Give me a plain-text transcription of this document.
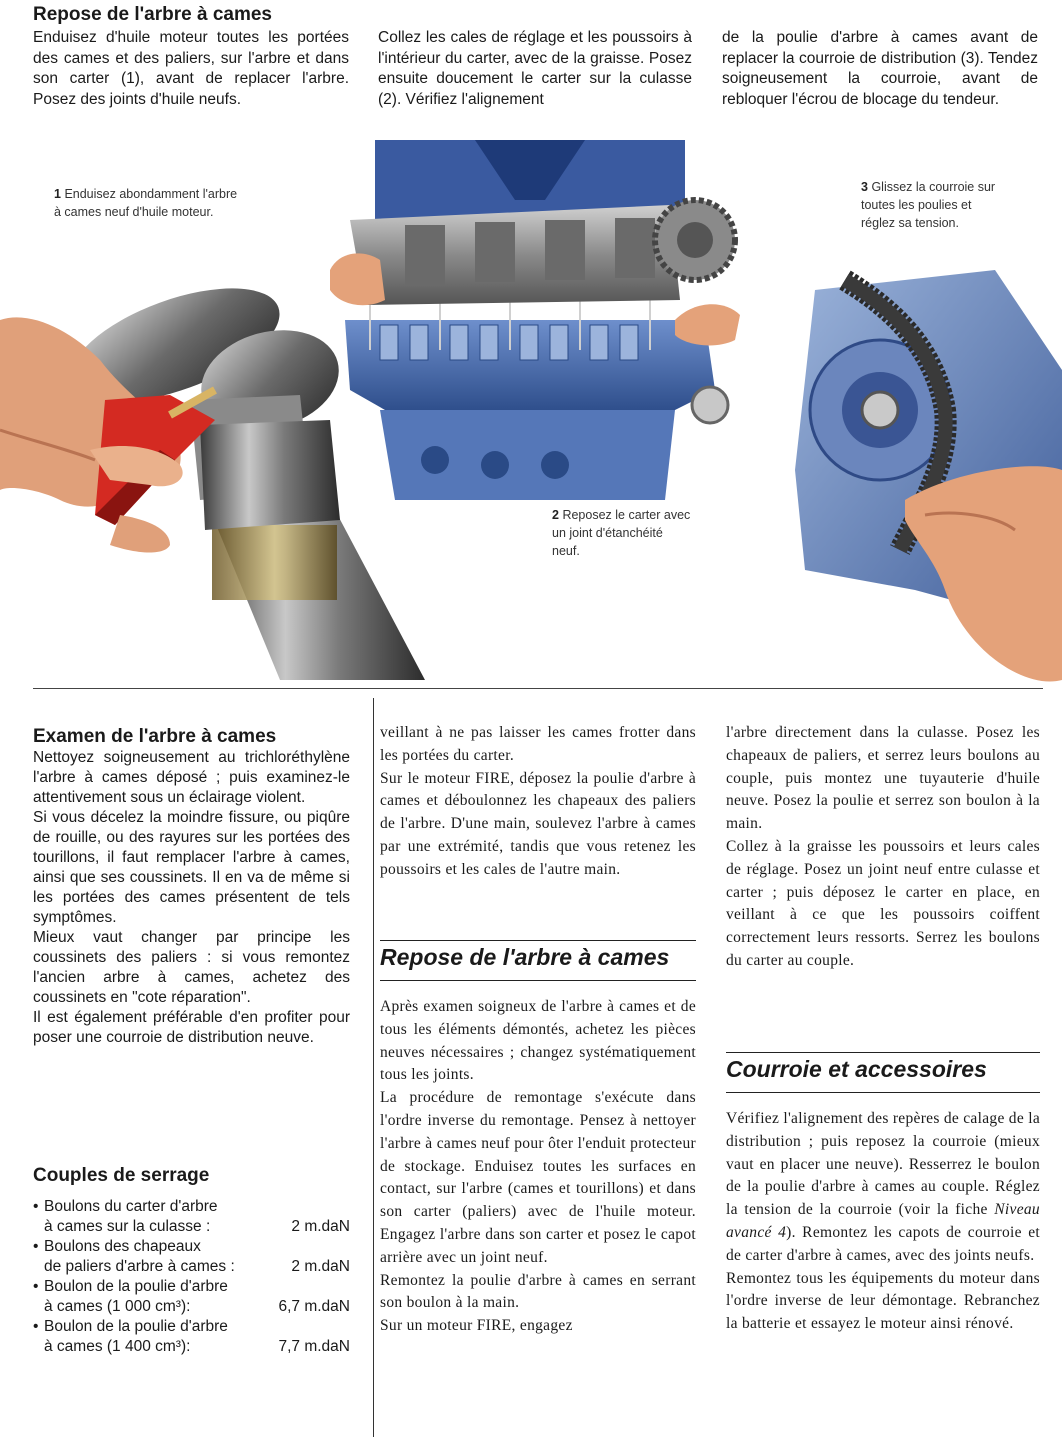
Repose de l'arbre à cames

Enduisez d'huile moteur toutes les portées des cames et des paliers, sur l'arbre et dans son carter (1), avant de replacer l'arbre. Posez des joints d'huile neufs.

Collez les cales de réglage et les poussoirs à l'intérieur du carter, avec de la graisse. Posez ensuite doucement le carter sur la culasse (2). Vérifiez l'alignement

de la poulie d'arbre à cames avant de replacer la courroie de distribution (3). Tendez soigneusement la courroie, avant de rebloquer l'écrou de blocage du tendeur.

1 Enduisez abondamment l'arbre à cames neuf d'huile moteur.
2 Reposez le carter avec un joint d'étanchéité neuf.
3 Glissez la courroie sur toutes les poulies et réglez sa tension.
Examen de l'arbre à cames

Nettoyez soigneusement au trichloréthylène l'arbre à cames déposé ; puis examinez-le attentivement sous un éclairage violent.

Si vous décelez la moindre fissure, ou piqûre de rouille, ou des rayures sur les portées des tourillons, il faut remplacer l'arbre à cames, ainsi que ses coussinets. Il en va de même si les portées des cames présentent de tels symptômes.

Mieux vaut changer par principe les coussinets des paliers : si vous remontez l'ancien arbre à cames, achetez des coussinets en "cote réparation".

Il est également préférable d'en profiter pour poser une courroie de distribution neuve.

Couples de serrage
• Boulons du carter d'arbre
à cames sur la culasse :	2 m.daN
• Boulons des chapeaux
de paliers d'arbre à cames :	2 m.daN
• Boulon de la poulie d'arbre
à cames (1 000 cm³):	6,7 m.daN
• Boulon de la poulie d'arbre
à cames (1 400 cm³):	7,7 m.daN

veillant à ne pas laisser les cames frotter dans les portées du carter.

Sur le moteur FIRE, déposez la poulie d'arbre à cames et déboulonnez les chapeaux des paliers de l'arbre. D'une main, soulevez l'arbre à cames par une extrémité, tandis que vous retenez les poussoirs et les cales de l'autre main.

Repose de l'arbre à cames

Après examen soigneux de l'arbre à cames et de tous les éléments démontés, achetez les pièces neuves nécessaires ; changez systématiquement tous les joints.

La procédure de remontage s'exécute dans l'ordre inverse du remontage. Pensez à nettoyer l'arbre à cames neuf pour ôter l'enduit protecteur de stockage. Enduisez toutes les surfaces en contact, sur l'arbre (cames et tourillons) et dans son carter (paliers) avec de l'huile moteur. Engagez l'arbre dans son carter et posez le capot arrière avec un joint neuf.

Remontez la poulie d'arbre à cames en serrant son boulon à la main.

Sur un moteur FIRE, engagez

l'arbre directement dans la culasse. Posez les chapeaux de paliers, et serrez leurs boulons au couple, puis montez une tuyauterie d'huile neuve. Posez la poulie et serrez son boulon à la main.

Collez à la graisse les poussoirs et leurs cales de réglage. Posez un joint neuf entre culasse et carter ; puis déposez le carter en place, en veillant à ce que les poussoirs coiffent correctement leurs ressorts. Serrez les boulons du carter au couple.

Courroie et accessoires

Vérifiez l'alignement des repères de calage de la distribution ; puis reposez la courroie (mieux vaut en placer une neuve). Resserrez le boulon de la poulie d'arbre à cames au couple. Réglez la tension de la courroie (voir la fiche Niveau avancé 4). Remontez les capots de courroie et de carter d'arbre à cames, avec des joints neufs.

Remontez tous les équipements du moteur dans l'ordre inverse de leur démontage. Rebranchez la batterie et essayez le moteur ainsi rénové.
